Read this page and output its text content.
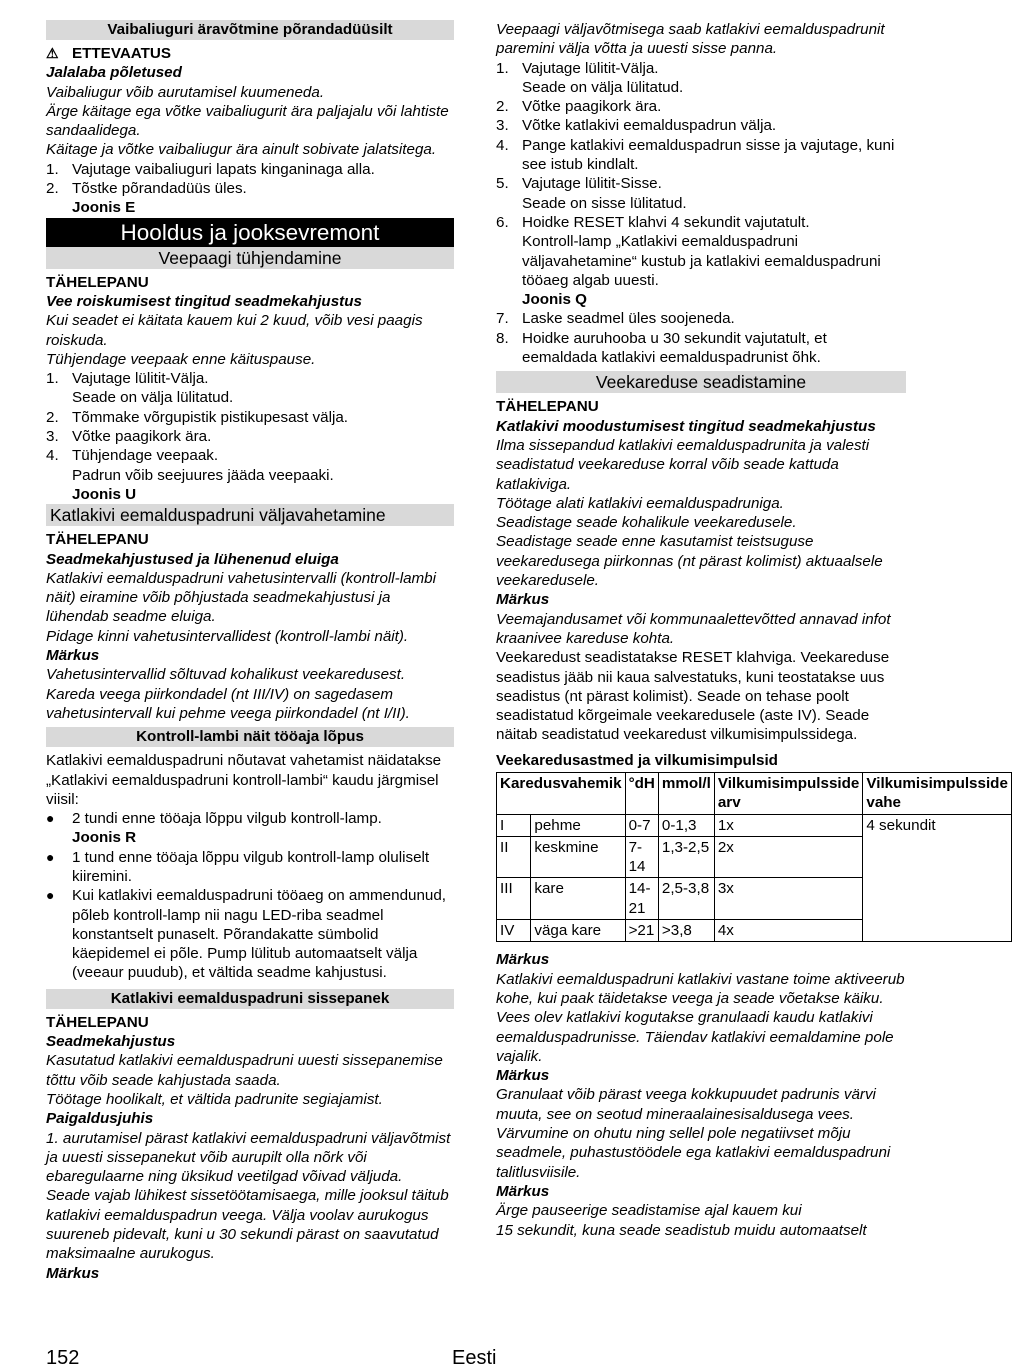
Vaibaliuguri äravõtmine põrandadüüsilt
⚠ ETTEVAATUS

Jalalaba põletused

Vaibaliugur võib aurutamisel kuumeneda.

Ärge käitage ega võtke vaibaliugurit ära paljajalu või lahtiste sandaalidega.

Käitage ja võtke vaibaliugur ära ainult sobivate jalatsitega.

1. Vajutage vaibaliuguri lapats kinganinaga alla.
2. Tõstke põrandadüüs üles.

Joonis E

Hooldus ja jooksevremont
Veepaagi tühjendamine

TÄHELEPANU

Vee roiskumisest tingitud seadmekahjustus

Kui seadet ei käitata kauem kui 2 kuud, võib vesi paagis roiskuda.

Tühjendage veepaak enne käituspause.

1. Vajutage lülitit-Välja.

Seade on välja lülitatud.

2. Tõmmake võrgupistik pistikupesast välja.
3. Võtke paagikork ära.
4. Tühjendage veepaak.

Padrun võib seejuures jääda veepaaki.

Joonis U

Katlakivi eemalduspadruni väljavahetamine

TÄHELEPANU

Seadmekahjustused ja lühenenud eluiga

Katlakivi eemalduspadruni vahetusintervalli (kontroll-lambi näit) eiramine võib põhjustada seadmekahjustusi ja lühendab seadme eluiga.

Pidage kinni vahetusintervallidest (kontroll-lambi näit).

Märkus

Vahetusintervallid sõltuvad kohalikust veekaredusest.

Kareda veega piirkondadel (nt III/IV) on sagedasem vahetusintervall kui pehme veega piirkondadel (nt I/II).

Kontroll-lambi näit tööaja lõpus

Katlakivi eemalduspadruni nõutavat vahetamist näidatakse „Katlakivi eemalduspadruni kontroll-lambi“ kaudu järgmisel viisil:

●	2 tundi enne tööaja lõppu vilgub kontroll-lamp.

Joonis R

●	1 tund enne tööaja lõppu vilgub kontroll-lamp oluliselt kiiremini.
●	Kui katlakivi eemalduspadruni tööaeg on ammendunud, põleb kontroll-lamp nii nagu LED-riba seadmel konstantselt punaselt. Põrandakatte sümbolid käepidemel ei põle. Pump lülitub automaatselt välja (veeaur puudub), et vältida seadme kahjustusi.
Katlakivi eemalduspadruni sissepanek

TÄHELEPANU

Seadmekahjustus

Kasutatud katlakivi eemalduspadruni uuesti sissepanemise tõttu võib seade kahjustada saada.

Töötage hoolikalt, et vältida padrunite segiajamist.

Paigaldusjuhis

1. aurutamisel pärast katlakivi eemalduspadruni väljavõtmist ja uuesti sissepanekut võib aurupilt olla nõrk või ebaregulaarne ning üksikud veetilgad võivad väljuda.

Seade vajab lühikest sissetöötamisaega, mille jooksul täitub katlakivi eemalduspadrun veega. Välja voolav aurukogus suureneb pidevalt, kuni u 30 sekundi pärast on saavutatud maksimaalne aurukogus.

Märkus

Veepaagi väljavõtmisega saab katlakivi eemalduspadrunit paremini välja võtta ja uuesti sisse panna.

1. Vajutage lülitit-Välja.

Seade on välja lülitatud.

2. Võtke paagikork ära.
3. Võtke katlakivi eemalduspadrun välja.
4. Pange katlakivi eemalduspadrun sisse ja vajutage, kuni see istub kindlalt.
5. Vajutage lülitit-Sisse.

Seade on sisse lülitatud.

6. Hoidke RESET klahvi 4 sekundit vajutatult.

Kontroll-lamp „Katlakivi eemalduspadruni väljavahetamine“ kustub ja katlakivi eemalduspadruni tööaeg algab uuesti.

Joonis Q

7. Laske seadmel üles soojeneda.
8. Hoidke auruhooba u 30 sekundit vajutatult, et eemaldada katlakivi eemalduspadrunist õhk.
Veekareduse seadistamine

TÄHELEPANU

Katlakivi moodustumisest tingitud seadmekahjustus

Ilma sissepandud katlakivi eemalduspadrunita ja valesti seadistatud veekareduse korral võib seade kattuda katlakiviga.

Töötage alati katlakivi eemalduspadruniga.

Seadistage seade kohalikule veekaredusele.

Seadistage seade enne kasutamist teistsuguse veekaredusega piirkonnas (nt pärast kolimist) aktuaalsele veekaredusele.

Märkus

Veemajandusamet või kommunaalettevõtted annavad infot kraanivee kareduse kohta.

Veekaredust seadistatakse RESET klahviga. Veekareduse seadistus jääb nii kaua salvestatuks, kuni teostatakse uus seadistus (nt pärast kolimist). Seade on tehase poolt seadistatud kõrgeimale veekaredusele (aste IV). Seade näitab seadistatud veekaredust vilkumisimpulssidega.

Veekaredusastmed ja vilkumisimpulsid

Karedusvahemik		°dH	mmol/l	Vilkumisimpulsside arv	Vilkumisimpulsside vahe
I	pehme	0-7	0-1,3	1x	4 sekundit
II	keskmine	7-14	1,3-2,5	2x	
III	kare	14-21	2,5-3,8	3x	
IV	väga kare	>21	>3,8	4x	

Märkus

Katlakivi eemalduspadruni katlakivi vastane toime aktiveerub kohe, kui paak täidetakse veega ja seade võetakse käiku. Vees olev katlakivi kogutakse granulaadi kaudu katlakivi eemalduspadrunisse. Täiendav katlakivi eemaldamine pole vajalik.

Märkus

Granulaat võib pärast veega kokkupuudet padrunis värvi muuta, see on seotud mineraalainesisaldusega vees. Värvumine on ohutu ning sellel pole negatiivset mõju seadmele, puhastustöödele ega katlakivi eemalduspadruni talitlusviisile.

Märkus

Ärge pauseerige seadistamise ajal kauem kui

15 sekundit, kuna seade seadistub muidu automaatselt

152	Eesti
